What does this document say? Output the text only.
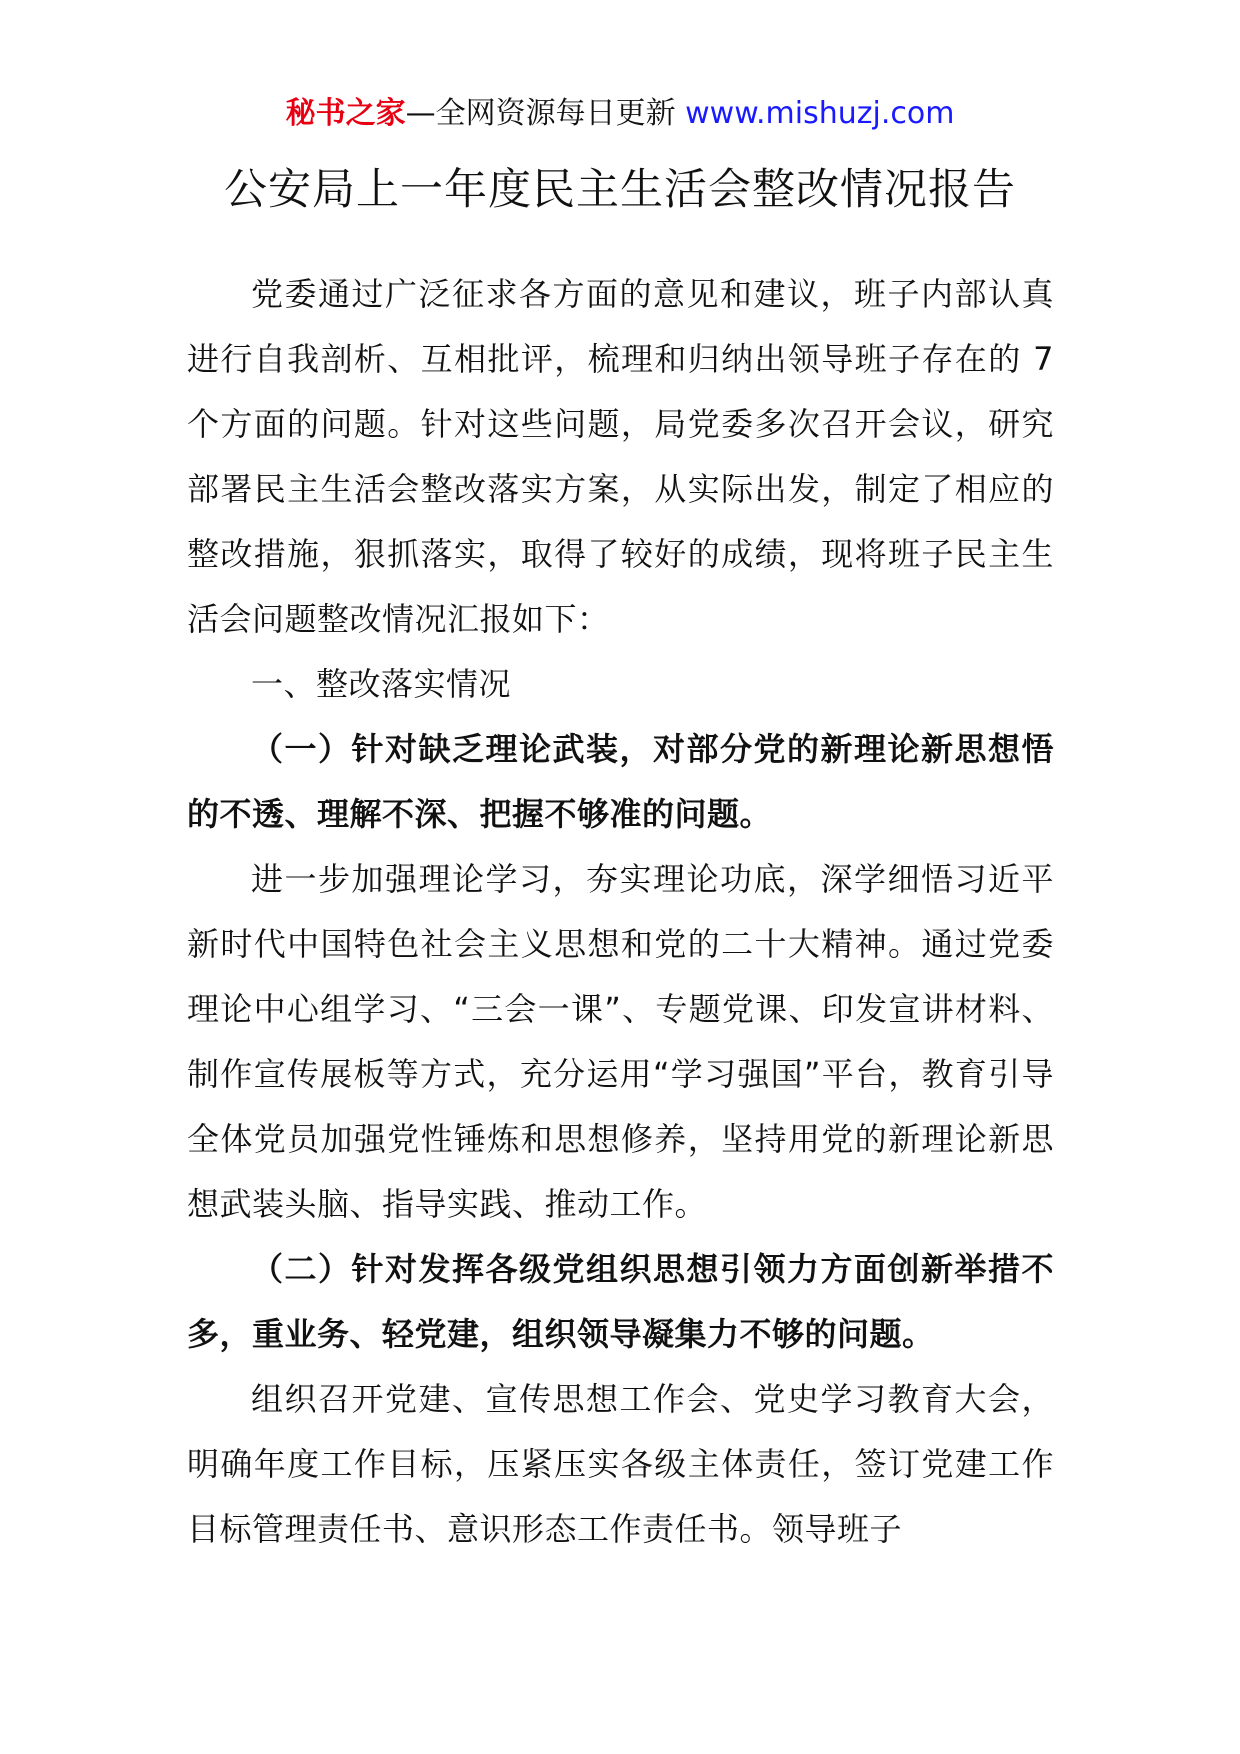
秘书之家—全网资源每日更新 www.mishuzj.com
公安局上一年度民主生活会整改情况报告

党委通过广泛征求各方面的意见和建议，班子内部认真进行自我剖析、互相批评，梳理和归纳出领导班子存在的 7 个方面的问题。针对这些问题，局党委多次召开会议，研究部署民主生活会整改落实方案，从实际出发，制定了相应的整改措施，狠抓落实，取得了较好的成绩，现将班子民主生活会问题整改情况汇报如下：

一、整改落实情况

（一）针对缺乏理论武装，对部分党的新理论新思想悟的不透、理解不深、把握不够准的问题。

进一步加强理论学习，夯实理论功底，深学细悟习近平新时代中国特色社会主义思想和党的二十大精神。通过党委理论中心组学习、“三会一课”、专题党课、印发宣讲材料、制作宣传展板等方式，充分运用“学习强国”平台，教育引导全体党员加强党性锤炼和思想修养，坚持用党的新理论新思想武装头脑、指导实践、推动工作。

（二）针对发挥各级党组织思想引领力方面创新举措不多，重业务、轻党建，组织领导凝集力不够的问题。

组织召开党建、宣传思想工作会、党史学习教育大会，明确年度工作目标，压紧压实各级主体责任，签订党建工作目标管理责任书、意识形态工作责任书。领导班子
